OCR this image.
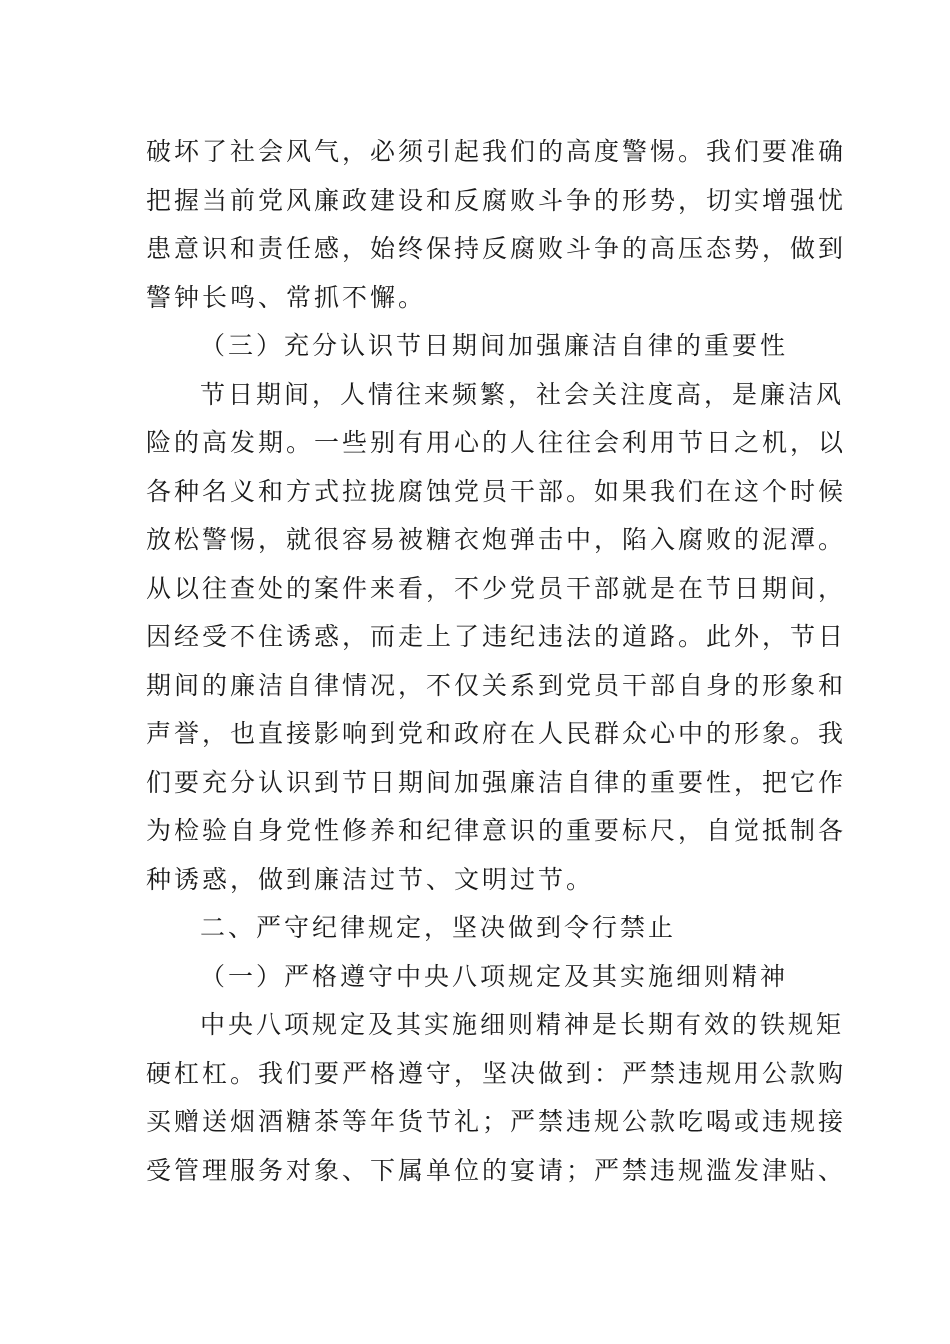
破坏了社会风气，必须引起我们的高度警惕。我们要准确
把握当前党风廉政建设和反腐败斗争的形势，切实增强忧
患意识和责任感，始终保持反腐败斗争的高压态势，做到
警钟长鸣、常抓不懈。
（三）充分认识节日期间加强廉洁自律的重要性
节日期间，人情往来频繁，社会关注度高，是廉洁风
险的高发期。一些别有用心的人往往会利用节日之机，以
各种名义和方式拉拢腐蚀党员干部。如果我们在这个时候
放松警惕，就很容易被糖衣炮弹击中，陷入腐败的泥潭。
从以往查处的案件来看，不少党员干部就是在节日期间，
因经受不住诱惑，而走上了违纪违法的道路。此外，节日
期间的廉洁自律情况，不仅关系到党员干部自身的形象和
声誉，也直接影响到党和政府在人民群众心中的形象。我
们要充分认识到节日期间加强廉洁自律的重要性，把它作
为检验自身党性修养和纪律意识的重要标尺，自觉抵制各
种诱惑，做到廉洁过节、文明过节。
二、严守纪律规定，坚决做到令行禁止
（一）严格遵守中央八项规定及其实施细则精神
中央八项规定及其实施细则精神是长期有效的铁规矩
硬杠杠。我们要严格遵守，坚决做到：严禁违规用公款购
买赠送烟酒糖茶等年货节礼；严禁违规公款吃喝或违规接
受管理服务对象、下属单位的宴请；严禁违规滥发津贴、
